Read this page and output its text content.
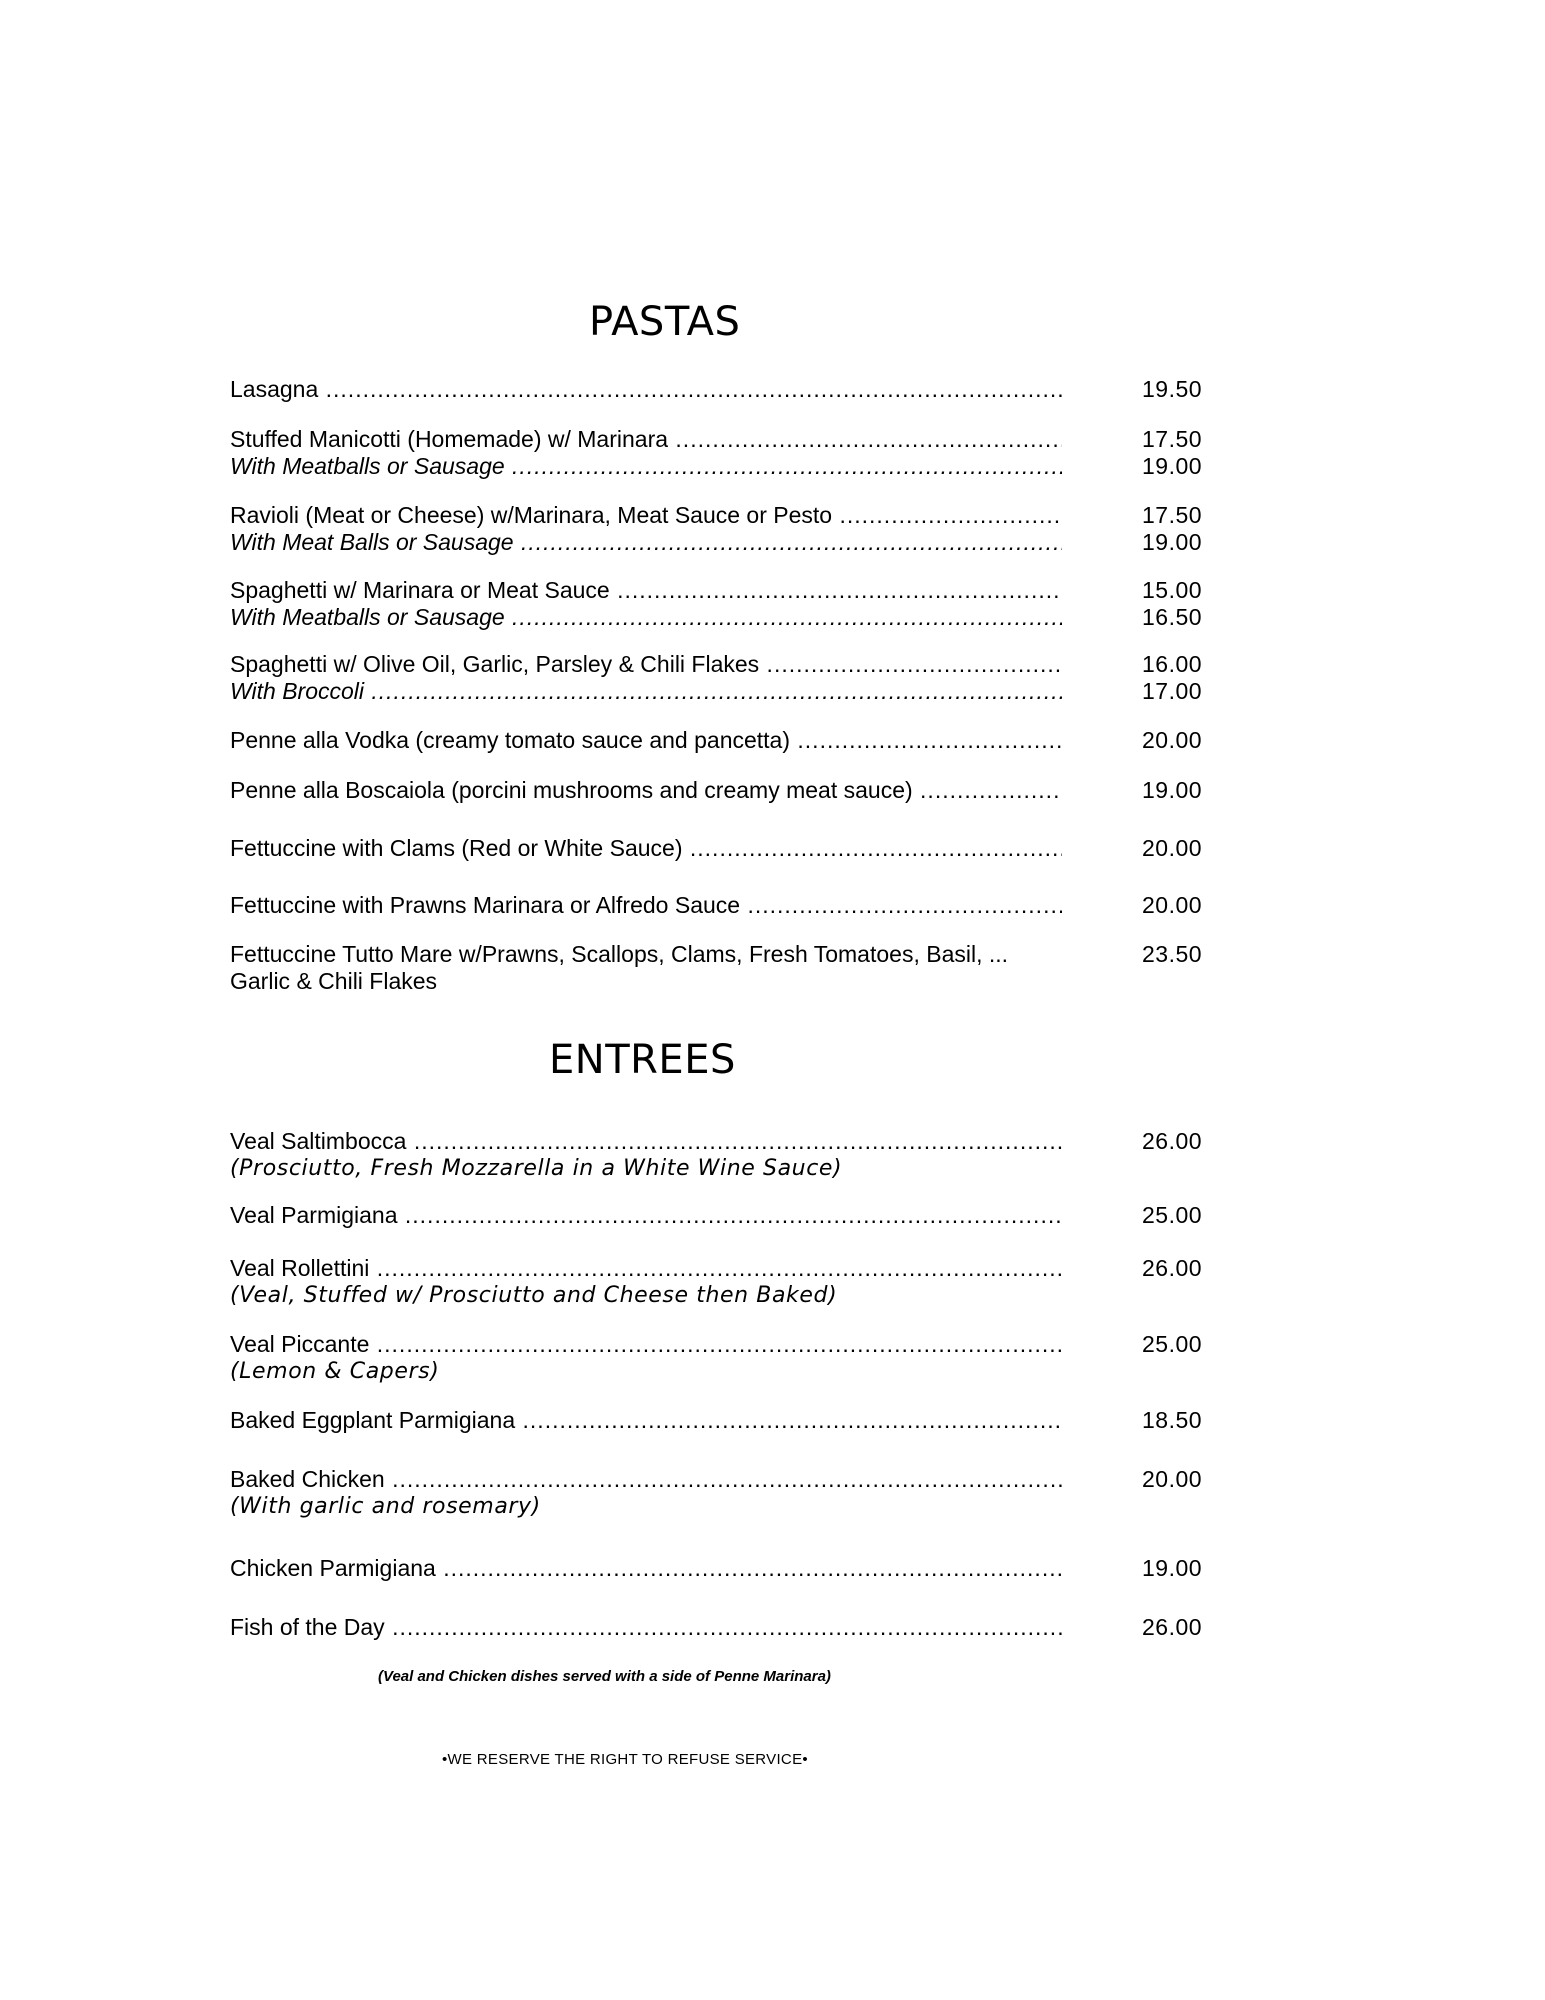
PASTAS
Lasagna .....	19.50
Stuffed Manicotti (Homemade) w/ Marinara .....	17.50
With Meatballs or Sausage .....	19.00
Ravioli (Meat or Cheese) w/Marinara, Meat Sauce or Pesto .....	17.50
With Meat Balls or Sausage .....	19.00
Spaghetti w/ Marinara or Meat Sauce .....	15.00
With Meatballs or Sausage .....	16.50
Spaghetti w/ Olive Oil, Garlic, Parsley & Chili Flakes .....	16.00
With Broccoli .....	17.00
Penne alla Vodka (creamy tomato sauce and pancetta) .....	20.00
Penne alla Boscaiola (porcini mushrooms and creamy meat sauce) .....	19.00
Fettuccine with Clams (Red or White Sauce) .....	20.00
Fettuccine with Prawns Marinara or Alfredo Sauce .....	20.00
Fettuccine Tutto Mare w/Prawns, Scallops, Clams, Fresh Tomatoes, Basil, ...	23.50
Garlic & Chili Flakes
ENTREES
Veal Saltimbocca .....	26.00
(Prosciutto, Fresh Mozzarella in a White Wine Sauce)
Veal Parmigiana .....	25.00
Veal Rollettini .....	26.00
(Veal, Stuffed w/ Prosciutto and Cheese then Baked)
Veal Piccante .....	25.00
(Lemon & Capers)
Baked Eggplant Parmigiana .....	18.50
Baked Chicken .....	20.00
(With garlic and rosemary)
Chicken Parmigiana .....	19.00
Fish of the Day .....	26.00
(Veal and Chicken dishes served with a side of Penne Marinara)
•WE RESERVE THE RIGHT TO REFUSE SERVICE•
